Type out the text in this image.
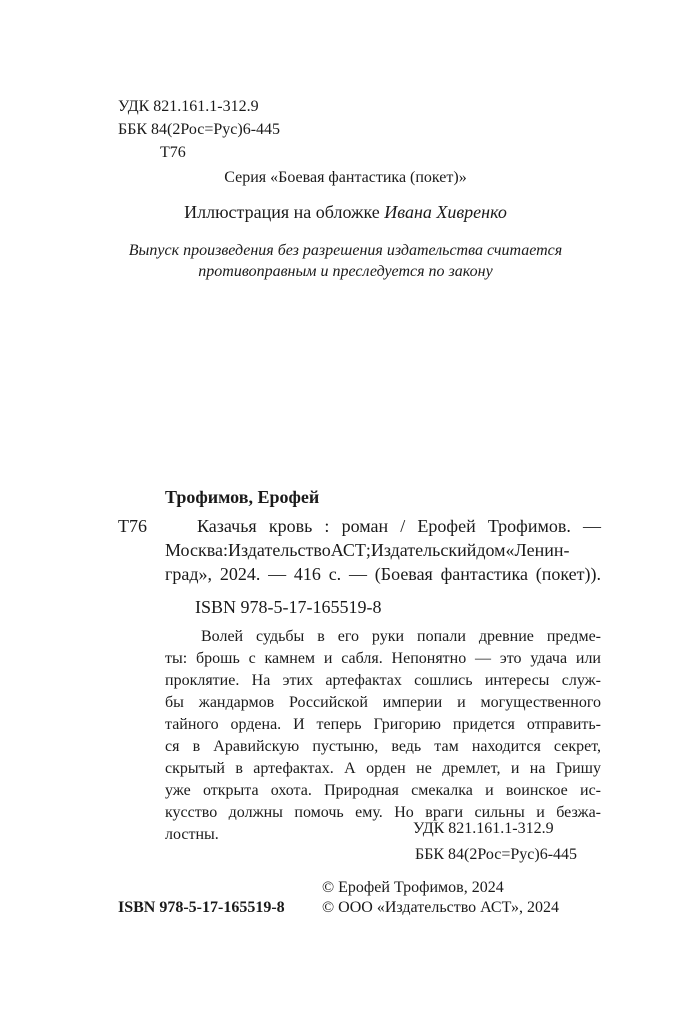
УДК 821.161.1-312.9
ББК 84(2Рос=Рус)6-445
Т76
Серия «Боевая фантастика (покет)»
Иллюстрация на обложке Ивана Хивренко
Выпуск произведения без разрешения издательства считается
противоправным и преследуется по закону
Трофимов, Ерофей
Т76	Казачья кровь : роман / Ерофей Трофимов. —
Москва:ИздательствоАСТ;Издательскийдом«Ленин-
град», 2024. — 416 с. — (Боевая фантастика (покет)).
ISBN 978-5-17-165519-8
Волей судьбы в его руки попали древние предме-
ты: брошь с камнем и сабля. Непонятно — это удача или
проклятие. На этих артефактах сошлись интересы служ-
бы жандармов Российской империи и могущественного
тайного ордена. И теперь Григорию придется отправить-
ся в Аравийскую пустыню, ведь там находится секрет,
скрытый в артефактах. А орден не дремлет, и на Гришу
уже открыта охота. Природная смекалка и воинское ис-
кусство должны помочь ему. Но враги сильны и безжа-
лостны.	УДК 821.161.1-312.9
ББК 84(2Рос=Рус)6-445
© Ерофей Трофимов, 2024
ISBN 978-5-17-165519-8 © ООО «Издательство АСТ», 2024
